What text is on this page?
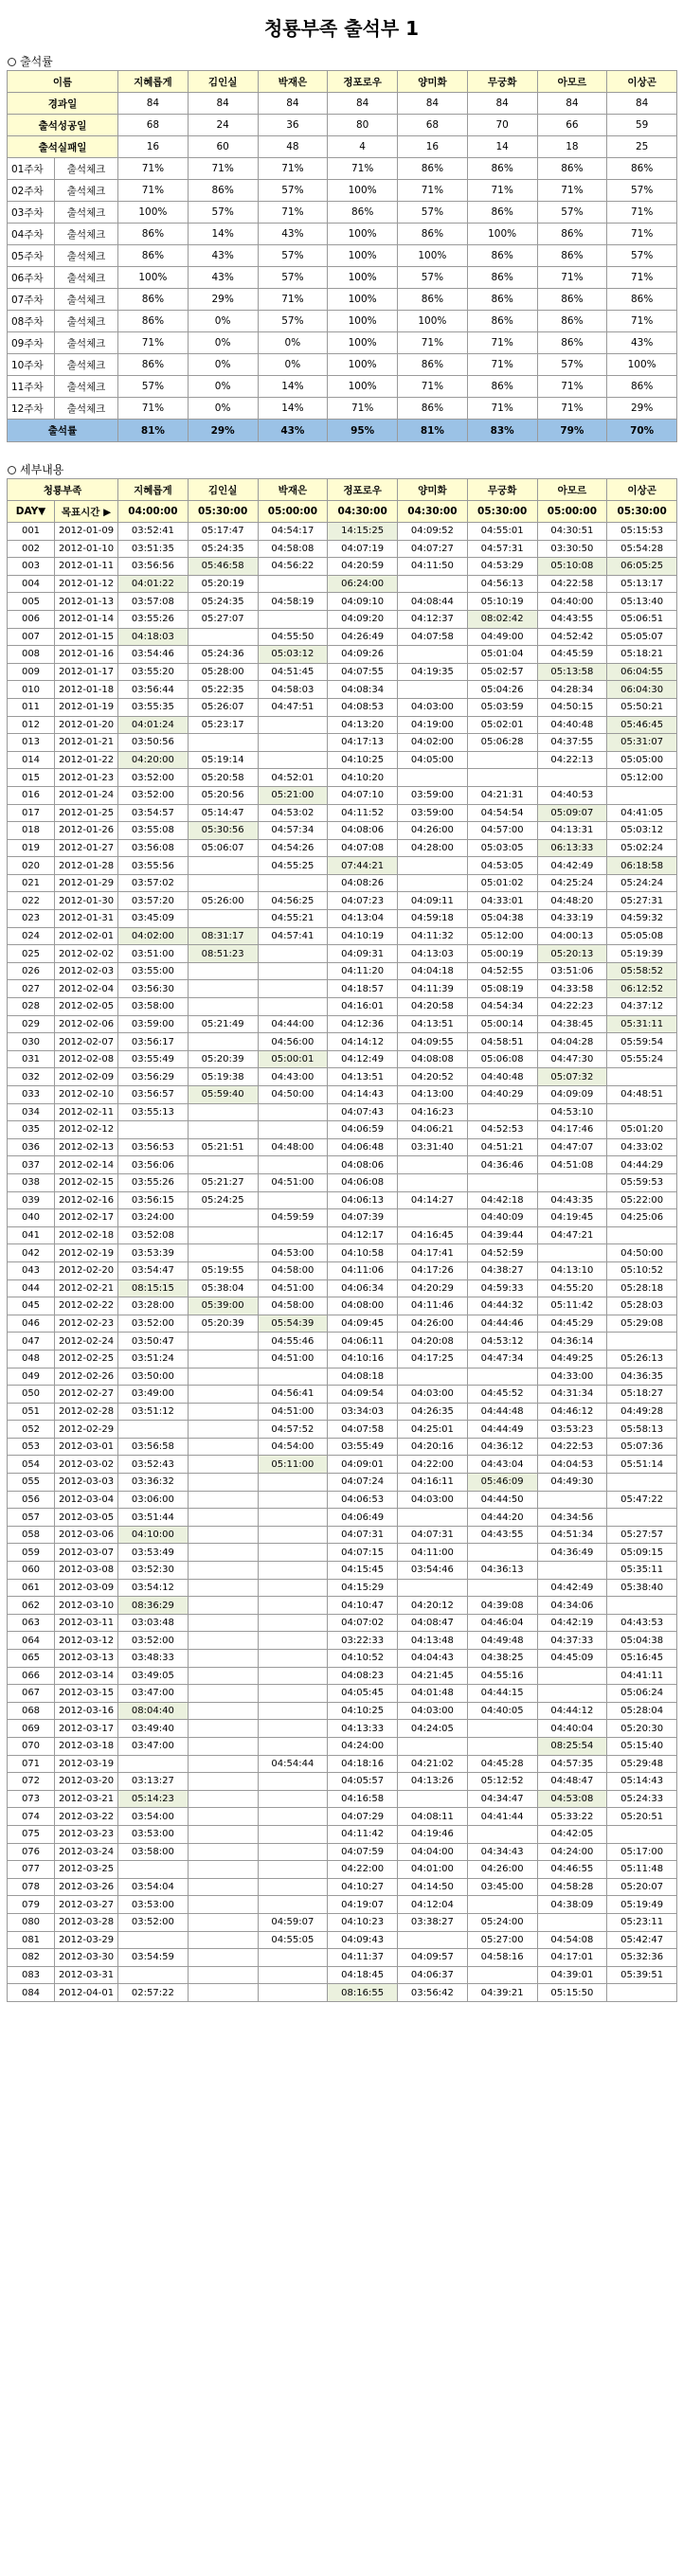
청룡부족 출석부 1
출석률
이름		지혜롭게	김인실	박재은	정포로우	양미화	무궁화	아모르	이상곤
경과일		84	84	84	84	84	84	84	84
출석성공일		68	24	36	80	68	70	66	59
출석실패일		16	60	48	4	16	14	18	25
01주차	출석체크	71%	71%	71%	71%	86%	86%	86%	86%
02주차	출석체크	71%	86%	57%	100%	71%	71%	71%	57%
03주차	출석체크	100%	57%	71%	86%	57%	86%	57%	71%
04주차	출석체크	86%	14%	43%	100%	86%	100%	86%	71%
05주차	출석체크	86%	43%	57%	100%	100%	86%	86%	57%
06주차	출석체크	100%	43%	57%	100%	57%	86%	71%	71%
07주차	출석체크	86%	29%	71%	100%	86%	86%	86%	86%
08주차	출석체크	86%	0%	57%	100%	100%	86%	86%	71%
09주차	출석체크	71%	0%	0%	100%	71%	71%	86%	43%
10주차	출석체크	86%	0%	0%	100%	86%	71%	57%	100%
11주차	출석체크	57%	0%	14%	100%	71%	86%	71%	86%
12주차	출석체크	71%	0%	14%	71%	86%	71%	71%	29%
출석률		81%	29%	43%	95%	81%	83%	79%	70%
세부내용
청룡부족		지혜롭게	김인실	박재은	정포로우	양미화	무궁화	아모르	이상곤
DAY▼	목표시간 ▶	04:00:00	05:30:00	05:00:00	04:30:00	04:30:00	05:30:00	05:00:00	05:30:00
001	2012-01-09	03:52:41	05:17:47	04:54:17	14:15:25	04:09:52	04:55:01	04:30:51	05:15:53
002	2012-01-10	03:51:35	05:24:35	04:58:08	04:07:19	04:07:27	04:57:31	03:30:50	05:54:28
003	2012-01-11	03:56:56	05:46:58	04:56:22	04:20:59	04:11:50	04:53:29	05:10:08	06:05:25
004	2012-01-12	04:01:22	05:20:19		06:24:00		04:56:13	04:22:58	05:13:17
005	2012-01-13	03:57:08	05:24:35	04:58:19	04:09:10	04:08:44	05:10:19	04:40:00	05:13:40
006	2012-01-14	03:55:26	05:27:07		04:09:20	04:12:37	08:02:42	04:43:55	05:06:51
007	2012-01-15	04:18:03		04:55:50	04:26:49	04:07:58	04:49:00	04:52:42	05:05:07
008	2012-01-16	03:54:46	05:24:36	05:03:12	04:09:26		05:01:04	04:45:59	05:18:21
009	2012-01-17	03:55:20	05:28:00	04:51:45	04:07:55	04:19:35	05:02:57	05:13:58	06:04:55
010	2012-01-18	03:56:44	05:22:35	04:58:03	04:08:34		05:04:26	04:28:34	06:04:30
011	2012-01-19	03:55:35	05:26:07	04:47:51	04:08:53	04:03:00	05:03:59	04:50:15	05:50:21
012	2012-01-20	04:01:24	05:23:17		04:13:20	04:19:00	05:02:01	04:40:48	05:46:45
013	2012-01-21	03:50:56			04:17:13	04:02:00	05:06:28	04:37:55	05:31:07
014	2012-01-22	04:20:00	05:19:14		04:10:25	04:05:00		04:22:13	05:05:00
015	2012-01-23	03:52:00	05:20:58	04:52:01	04:10:20				05:12:00
016	2012-01-24	03:52:00	05:20:56	05:21:00	04:07:10	03:59:00	04:21:31	04:40:53	
017	2012-01-25	03:54:57	05:14:47	04:53:02	04:11:52	03:59:00	04:54:54	05:09:07	04:41:05
018	2012-01-26	03:55:08	05:30:56	04:57:34	04:08:06	04:26:00	04:57:00	04:13:31	05:03:12
019	2012-01-27	03:56:08	05:06:07	04:54:26	04:07:08	04:28:00	05:03:05	06:13:33	05:02:24
020	2012-01-28	03:55:56		04:55:25	07:44:21		04:53:05	04:42:49	06:18:58
021	2012-01-29	03:57:02			04:08:26		05:01:02	04:25:24	05:24:24
022	2012-01-30	03:57:20	05:26:00	04:56:25	04:07:23	04:09:11	04:33:01	04:48:20	05:27:31
023	2012-01-31	03:45:09		04:55:21	04:13:04	04:59:18	05:04:38	04:33:19	04:59:32
024	2012-02-01	04:02:00	08:31:17	04:57:41	04:10:19	04:11:32	05:12:00	04:00:13	05:05:08
025	2012-02-02	03:51:00	08:51:23		04:09:31	04:13:03	05:00:19	05:20:13	05:19:39
026	2012-02-03	03:55:00			04:11:20	04:04:18	04:52:55	03:51:06	05:58:52
027	2012-02-04	03:56:30			04:18:57	04:11:39	05:08:19	04:33:58	06:12:52
028	2012-02-05	03:58:00			04:16:01	04:20:58	04:54:34	04:22:23	04:37:12
029	2012-02-06	03:59:00	05:21:49	04:44:00	04:12:36	04:13:51	05:00:14	04:38:45	05:31:11
030	2012-02-07	03:56:17		04:56:00	04:14:12	04:09:55	04:58:51	04:04:28	05:59:54
031	2012-02-08	03:55:49	05:20:39	05:00:01	04:12:49	04:08:08	05:06:08	04:47:30	05:55:24
032	2012-02-09	03:56:29	05:19:38	04:43:00	04:13:51	04:20:52	04:40:48	05:07:32	
033	2012-02-10	03:56:57	05:59:40	04:50:00	04:14:43	04:13:00	04:40:29	04:09:09	04:48:51
034	2012-02-11	03:55:13			04:07:43	04:16:23		04:53:10	
035	2012-02-12				04:06:59	04:06:21	04:52:53	04:17:46	05:01:20
036	2012-02-13	03:56:53	05:21:51	04:48:00	04:06:48	03:31:40	04:51:21	04:47:07	04:33:02
037	2012-02-14	03:56:06			04:08:06		04:36:46	04:51:08	04:44:29
038	2012-02-15	03:55:26	05:21:27	04:51:00	04:06:08				05:59:53
039	2012-02-16	03:56:15	05:24:25		04:06:13	04:14:27	04:42:18	04:43:35	05:22:00
040	2012-02-17	03:24:00		04:59:59	04:07:39		04:40:09	04:19:45	04:25:06
041	2012-02-18	03:52:08			04:12:17	04:16:45	04:39:44	04:47:21	
042	2012-02-19	03:53:39		04:53:00	04:10:58	04:17:41	04:52:59		04:50:00
043	2012-02-20	03:54:47	05:19:55	04:58:00	04:11:06	04:17:26	04:38:27	04:13:10	05:10:52
044	2012-02-21	08:15:15	05:38:04	04:51:00	04:06:34	04:20:29	04:59:33	04:55:20	05:28:18
045	2012-02-22	03:28:00	05:39:00	04:58:00	04:08:00	04:11:46	04:44:32	05:11:42	05:28:03
046	2012-02-23	03:52:00	05:20:39	05:54:39	04:09:45	04:26:00	04:44:46	04:45:29	05:29:08
047	2012-02-24	03:50:47		04:55:46	04:06:11	04:20:08	04:53:12	04:36:14	
048	2012-02-25	03:51:24		04:51:00	04:10:16	04:17:25	04:47:34	04:49:25	05:26:13
049	2012-02-26	03:50:00			04:08:18			04:33:00	04:36:35
050	2012-02-27	03:49:00		04:56:41	04:09:54	04:03:00	04:45:52	04:31:34	05:18:27
051	2012-02-28	03:51:12		04:51:00	03:34:03	04:26:35	04:44:48	04:46:12	04:49:28
052	2012-02-29			04:57:52	04:07:58	04:25:01	04:44:49	03:53:23	05:58:13
053	2012-03-01	03:56:58		04:54:00	03:55:49	04:20:16	04:36:12	04:22:53	05:07:36
054	2012-03-02	03:52:43		05:11:00	04:09:01	04:22:00	04:43:04	04:04:53	05:51:14
055	2012-03-03	03:36:32			04:07:24	04:16:11	05:46:09	04:49:30	
056	2012-03-04	03:06:00			04:06:53	04:03:00	04:44:50		05:47:22
057	2012-03-05	03:51:44			04:06:49		04:44:20	04:34:56	
058	2012-03-06	04:10:00			04:07:31	04:07:31	04:43:55	04:51:34	05:27:57
059	2012-03-07	03:53:49			04:07:15	04:11:00		04:36:49	05:09:15
060	2012-03-08	03:52:30			04:15:45	03:54:46	04:36:13		05:35:11
061	2012-03-09	03:54:12			04:15:29			04:42:49	05:38:40
062	2012-03-10	08:36:29			04:10:47	04:20:12	04:39:08	04:34:06	
063	2012-03-11	03:03:48			04:07:02	04:08:47	04:46:04	04:42:19	04:43:53
064	2012-03-12	03:52:00			03:22:33	04:13:48	04:49:48	04:37:33	05:04:38
065	2012-03-13	03:48:33			04:10:52	04:04:43	04:38:25	04:45:09	05:16:45
066	2012-03-14	03:49:05			04:08:23	04:21:45	04:55:16		04:41:11
067	2012-03-15	03:47:00			04:05:45	04:01:48	04:44:15		05:06:24
068	2012-03-16	08:04:40			04:10:25	04:03:00	04:40:05	04:44:12	05:28:04
069	2012-03-17	03:49:40			04:13:33	04:24:05		04:40:04	05:20:30
070	2012-03-18	03:47:00			04:24:00			08:25:54	05:15:40
071	2012-03-19			04:54:44	04:18:16	04:21:02	04:45:28	04:57:35	05:29:48
072	2012-03-20	03:13:27			04:05:57	04:13:26	05:12:52	04:48:47	05:14:43
073	2012-03-21	05:14:23			04:16:58		04:34:47	04:53:08	05:24:33
074	2012-03-22	03:54:00			04:07:29	04:08:11	04:41:44	05:33:22	05:20:51
075	2012-03-23	03:53:00			04:11:42	04:19:46		04:42:05	
076	2012-03-24	03:58:00			04:07:59	04:04:00	04:34:43	04:24:00	05:17:00
077	2012-03-25				04:22:00	04:01:00	04:26:00	04:46:55	05:11:48
078	2012-03-26	03:54:04			04:10:27	04:14:50	03:45:00	04:58:28	05:20:07
079	2012-03-27	03:53:00			04:19:07	04:12:04		04:38:09	05:19:49
080	2012-03-28	03:52:00		04:59:07	04:10:23	03:38:27	05:24:00		05:23:11
081	2012-03-29			04:55:05	04:09:43		05:27:00	04:54:08	05:42:47
082	2012-03-30	03:54:59			04:11:37	04:09:57	04:58:16	04:17:01	05:32:36
083	2012-03-31				04:18:45	04:06:37		04:39:01	05:39:51
084	2012-04-01	02:57:22			08:16:55	03:56:42	04:39:21	05:15:50	
